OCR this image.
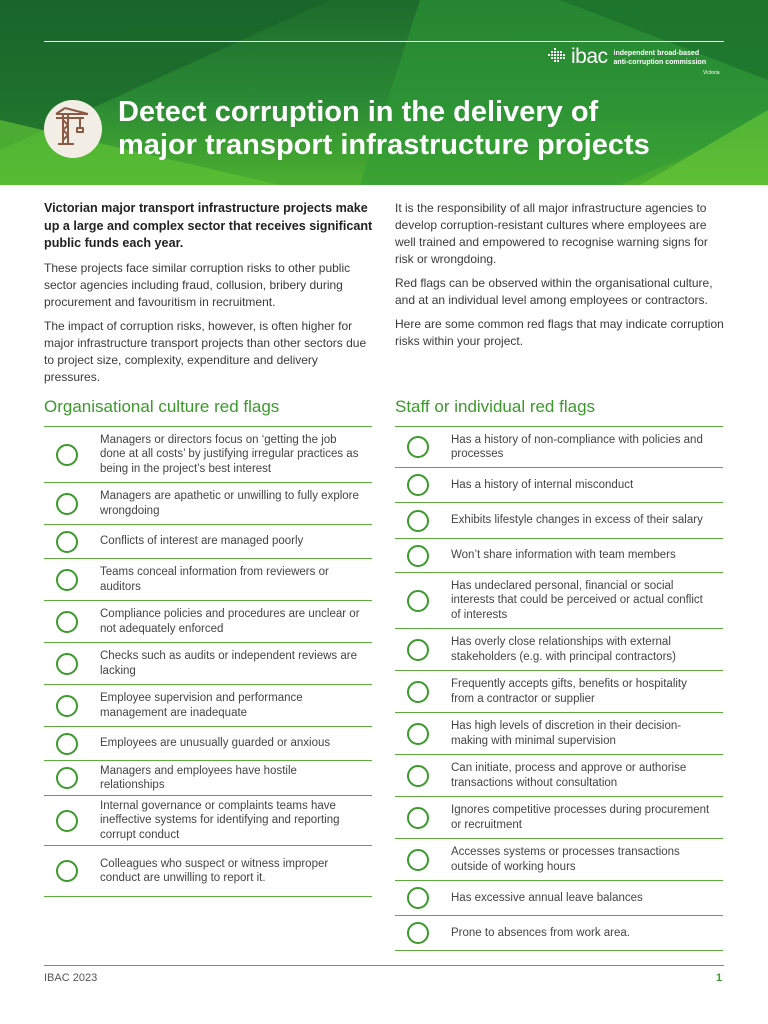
ibac independent broad-based
anti-corruption commission
Victoria
Detect corruption in the delivery of
major transport infrastructure projects

Victorian major transport infrastructure projects make up a large and complex sector that receives significant public funds each year.

These projects face similar corruption risks to other public sector agencies including fraud, collusion, bribery during procurement and favouritism in recruitment.

The impact of corruption risks, however, is often higher for major infrastructure transport projects than other sectors due to project size, complexity, expenditure and delivery pressures.

It is the responsibility of all major infrastructure agencies to develop corruption-resistant cultures where employees are well trained and empowered to recognise warning signs for risk or wrongdoing.

Red flags can be observed within the organisational culture, and at an individual level among employees or contractors.

Here are some common red flags that may indicate corruption risks within your project.

Organisational culture red flags	Staff or individual red flags
Managers or directors focus on ‘getting the job done at all costs’ by justifying irregular practices as being in the project’s best interest
Managers are apathetic or unwilling to fully explore wrongdoing
Conflicts of interest are managed poorly
Teams conceal information from reviewers or auditors
Compliance policies and procedures are unclear or not adequately enforced
Checks such as audits or independent reviews are lacking
Employee supervision and performance management are inadequate
Employees are unusually guarded or anxious
Managers and employees have hostile relationships
Internal governance or complaints teams have ineffective systems for identifying and reporting corrupt conduct
Colleagues who suspect or witness improper conduct are unwilling to report it.
Has a history of non-compliance with policies and processes
Has a history of internal misconduct
Exhibits lifestyle changes in excess of their salary
Won’t share information with team members
Has undeclared personal, financial or social interests that could be perceived or actual conflict of interests
Has overly close relationships with external stakeholders (e.g. with principal contractors)
Frequently accepts gifts, benefits or hospitality from a contractor or supplier
Has high levels of discretion in their decision-making with minimal supervision
Can initiate, process and approve or authorise transactions without consultation
Ignores competitive processes during procurement or recruitment
Accesses systems or processes transactions outside of working hours
Has excessive annual leave balances
Prone to absences from work area.
IBAC 2023	1
